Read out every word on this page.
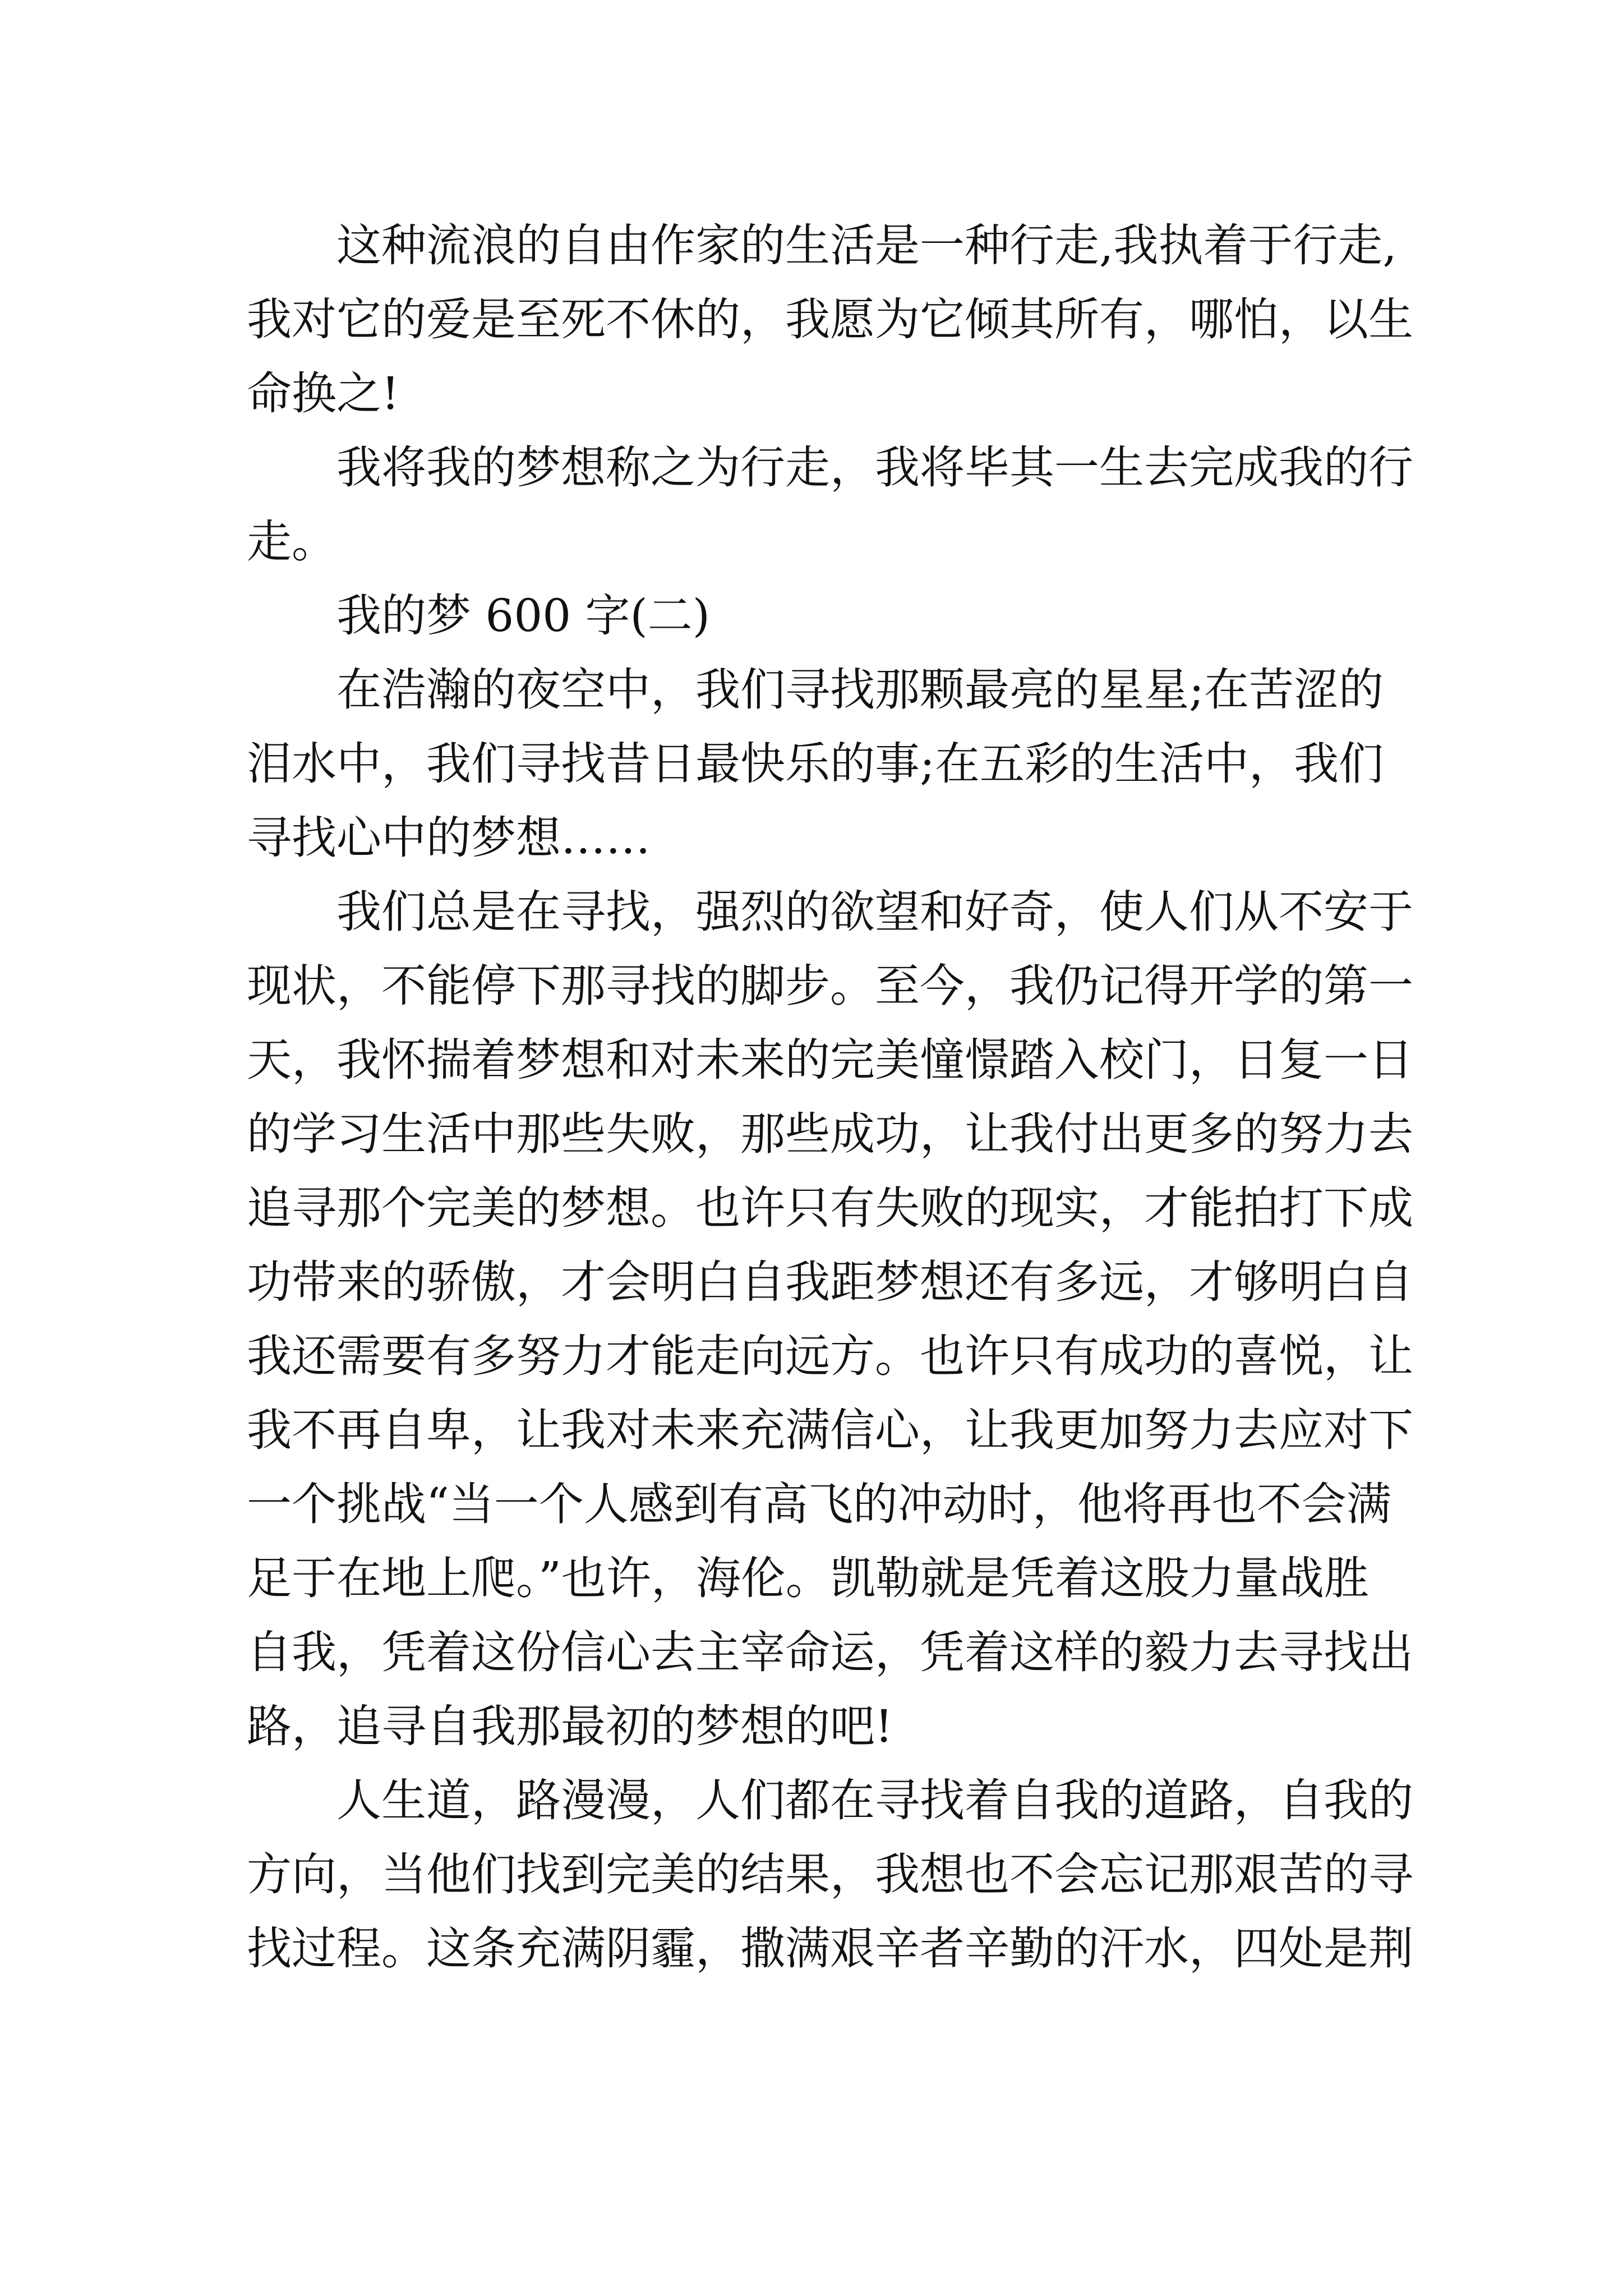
这种流浪的自由作家的生活是一种行走,我执着于行走,
我对它的爱是至死不休的，我愿为它倾其所有，哪怕，以生
命换之!

我将我的梦想称之为行走，我将毕其一生去完成我的行
走。

我的梦 600 字(二)

在浩瀚的夜空中，我们寻找那颗最亮的星星;在苦涩的
泪水中，我们寻找昔日最快乐的事;在五彩的生活中，我们
寻找心中的梦想……

我们总是在寻找，强烈的欲望和好奇，使人们从不安于
现状，不能停下那寻找的脚步。至今，我仍记得开学的第一
天，我怀揣着梦想和对未来的完美憧憬踏入校门，日复一日
的学习生活中那些失败，那些成功，让我付出更多的努力去
追寻那个完美的梦想。也许只有失败的现实，才能拍打下成
功带来的骄傲，才会明白自我距梦想还有多远，才够明白自
我还需要有多努力才能走向远方。也许只有成功的喜悦，让
我不再自卑，让我对未来充满信心，让我更加努力去应对下
一个挑战“当一个人感到有高飞的冲动时，他将再也不会满
足于在地上爬。”也许，海伦。凯勒就是凭着这股力量战胜
自我，凭着这份信心去主宰命运，凭着这样的毅力去寻找出
路，追寻自我那最初的梦想的吧!

人生道，路漫漫，人们都在寻找着自我的道路，自我的
方向，当他们找到完美的结果，我想也不会忘记那艰苦的寻
找过程。这条充满阴霾，撒满艰辛者辛勤的汗水，四处是荆
